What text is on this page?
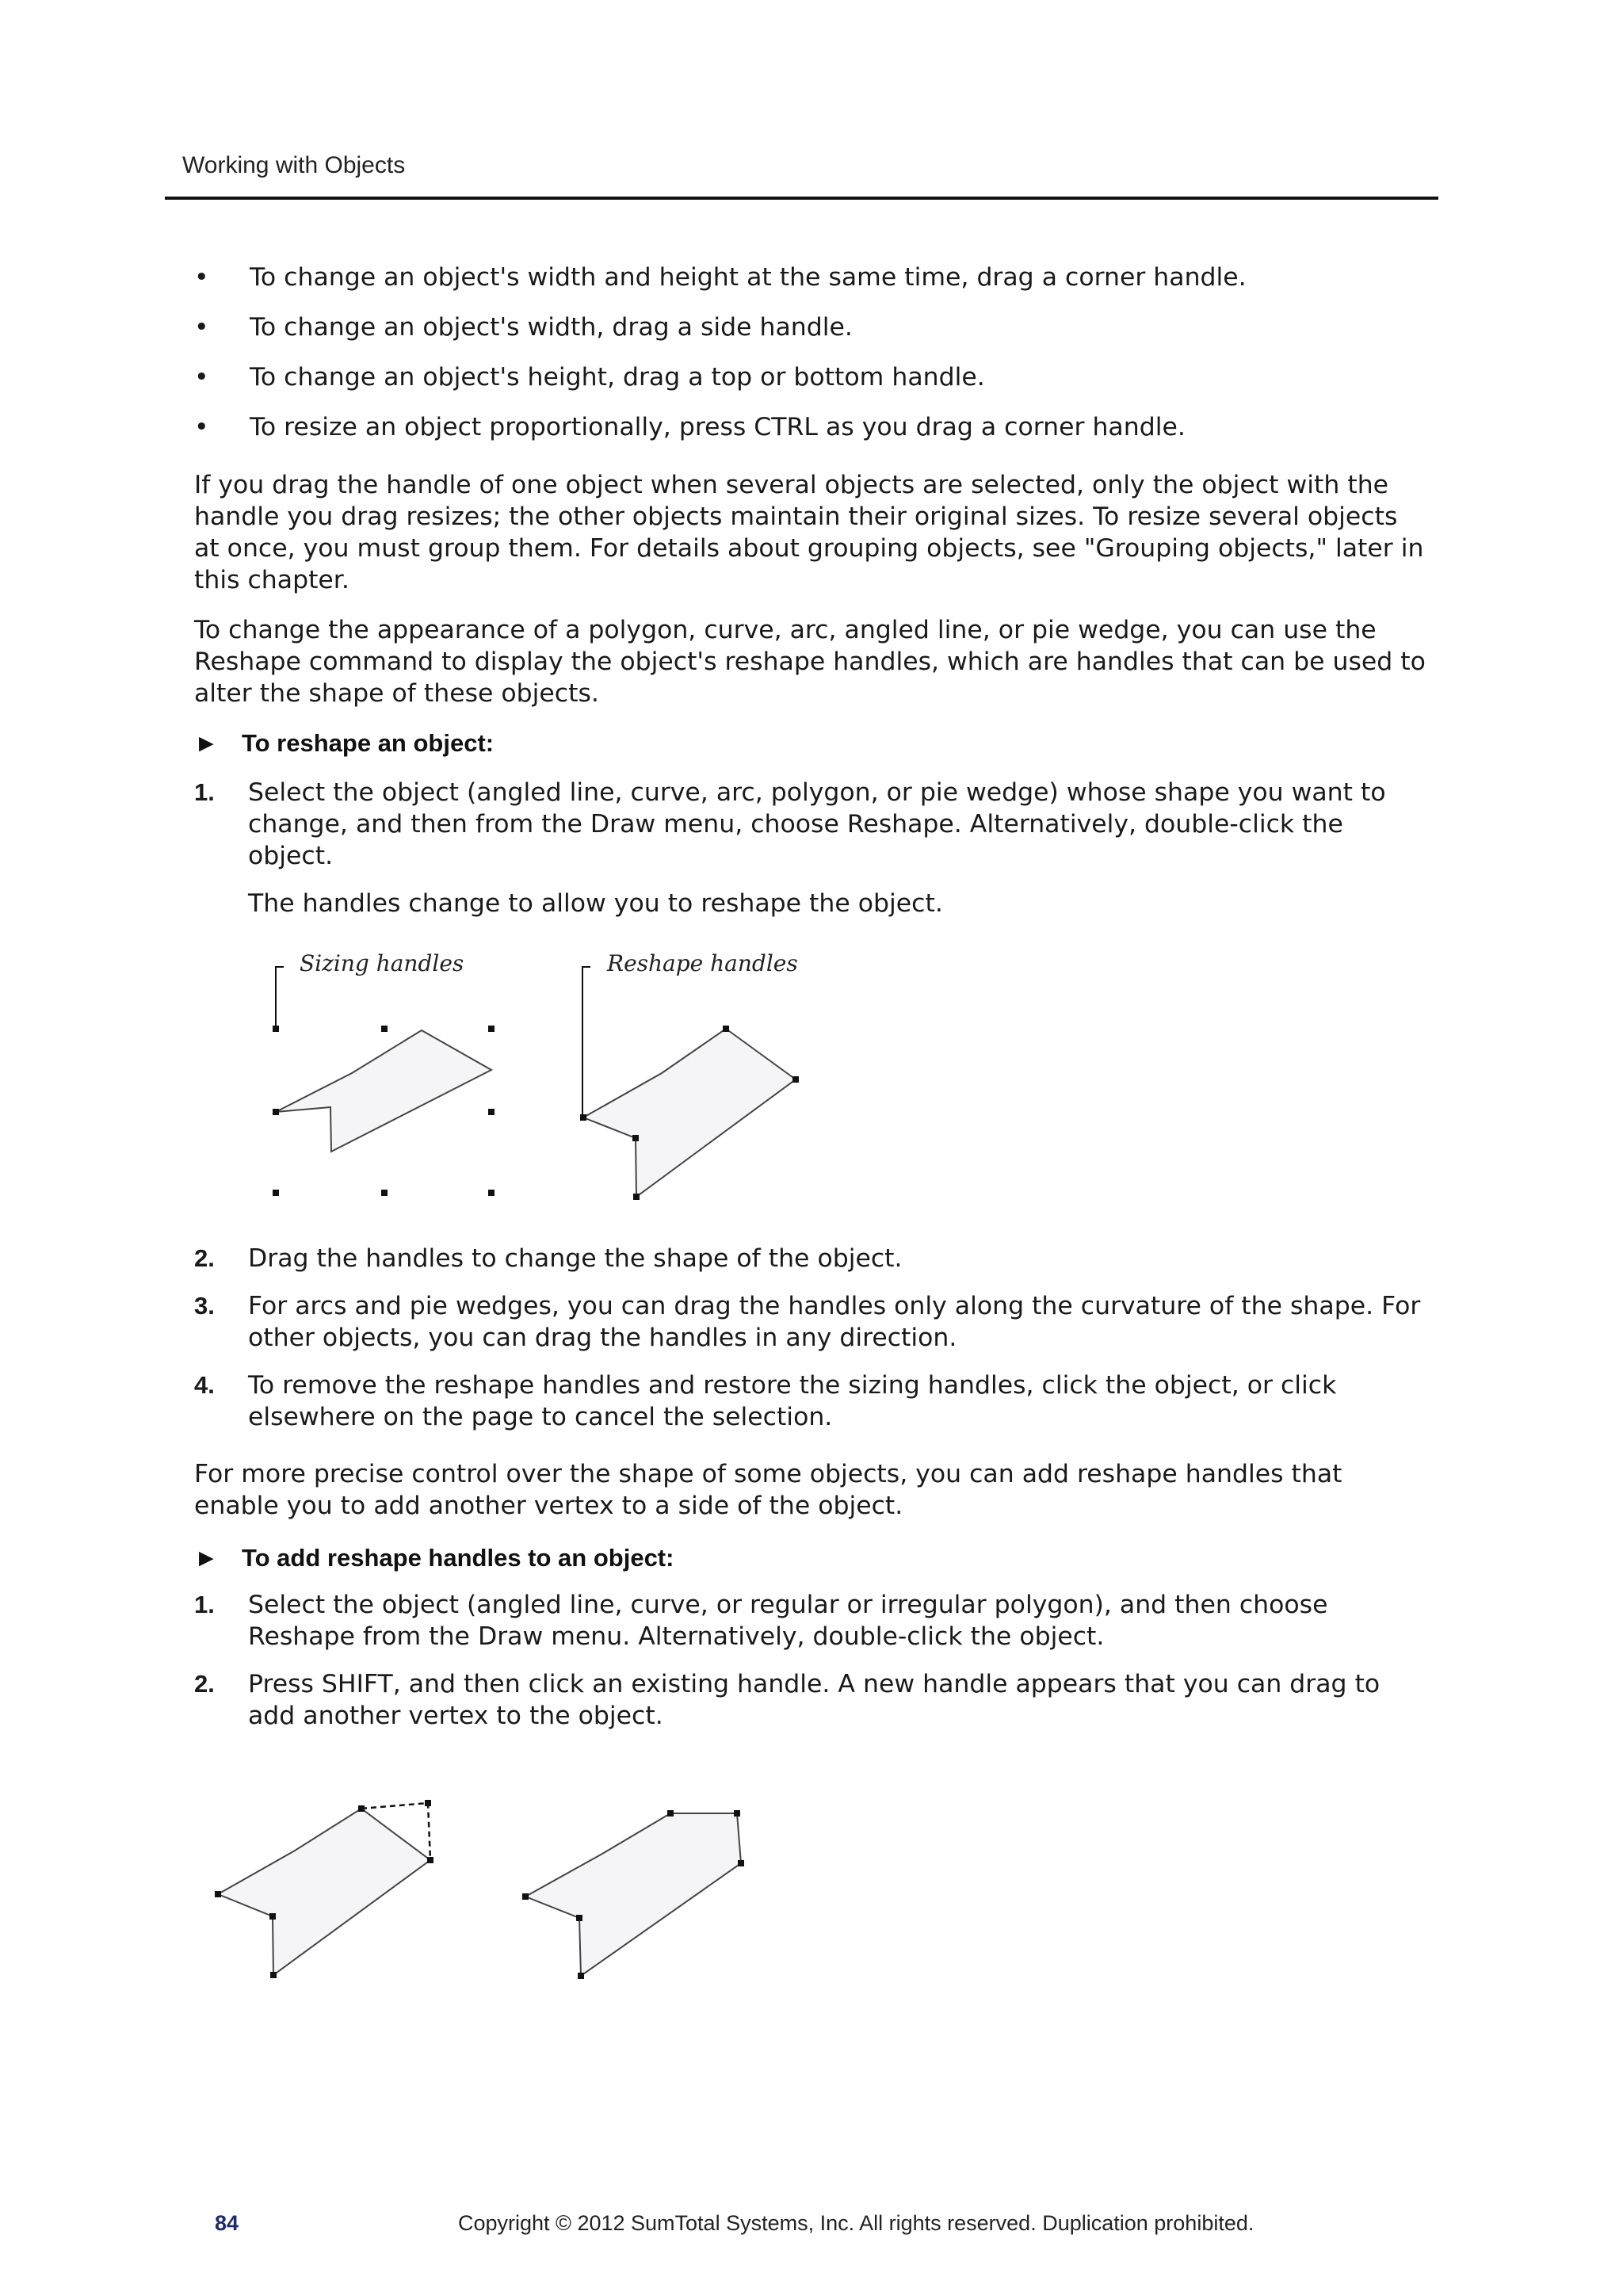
Working with Objects
• To change an object's width and height at the same time, drag a corner handle.
• To change an object's width, drag a side handle.
• To change an object's height, drag a top or bottom handle.
• To resize an object proportionally, press CTRL as you drag a corner handle.

If you drag the handle of one object when several objects are selected, only the object with the handle you drag resizes; the other objects maintain their original sizes. To resize several objects at once, you must group them. For details about grouping objects, see "Grouping objects," later in this chapter.

To change the appearance of a polygon, curve, arc, angled line, or pie wedge, you can use the Reshape command to display the object's reshape handles, which are handles that can be used to alter the shape of these objects.

► To reshape an object:
1. Select the object (angled line, curve, arc, polygon, or pie wedge) whose shape you want to change, and then from the Draw menu, choose Reshape. Alternatively, double-click the object.
The handles change to allow you to reshape the object.
Sizing handles	Reshape handles
2. Drag the handles to change the shape of the object.
3. For arcs and pie wedges, you can drag the handles only along the curvature of the shape. For other objects, you can drag the handles in any direction.
4. To remove the reshape handles and restore the sizing handles, click the object, or click elsewhere on the page to cancel the selection.

For more precise control over the shape of some objects, you can add reshape handles that enable you to add another vertex to a side of the object.

► To add reshape handles to an object:
1. Select the object (angled line, curve, or regular or irregular polygon), and then choose Reshape from the Draw menu. Alternatively, double-click the object.
2. Press SHIFT, and then click an existing handle. A new handle appears that you can drag to add another vertex to the object.
84	Copyright © 2012 SumTotal Systems, Inc. All rights reserved. Duplication prohibited.
